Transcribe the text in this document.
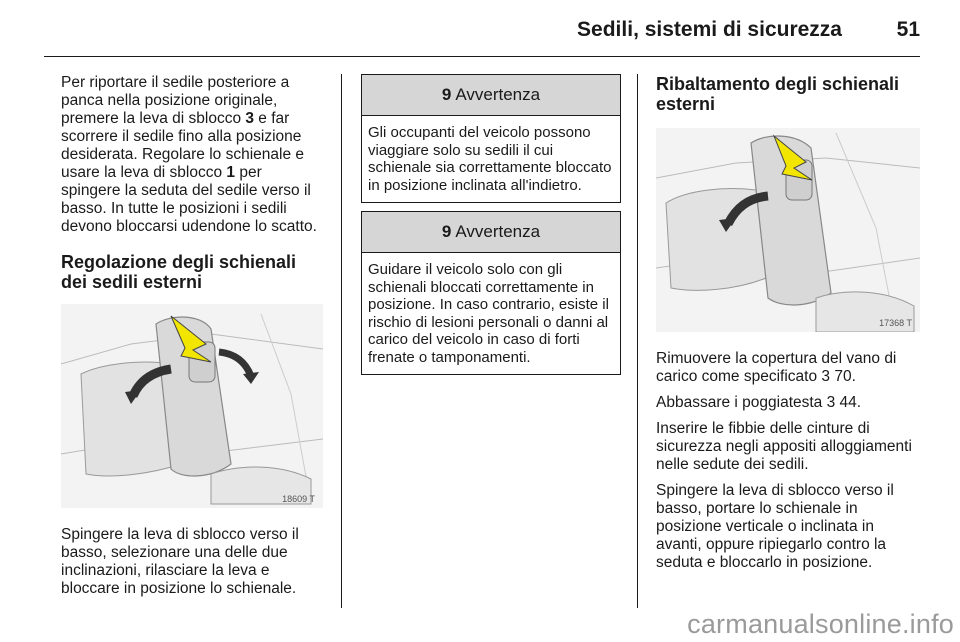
Sedili, sistemi di sicurezza	51

Per riportare il sedile posteriore a panca nella posizione originale, premere la leva di sblocco 3 e far scorrere il sedile fino alla posizione desiderata. Regolare lo schienale e usare la leva di sblocco 1 per spingere la seduta del sedile verso il basso. In tutte le posizioni i sedili devono bloccarsi udendone lo scatto.

Regolazione degli schienali dei sedili esterni
18609 T

Spingere la leva di sblocco verso il basso, selezionare una delle due inclinazioni, rilasciare la leva e bloccare in posizione lo schienale.

9 Avvertenza

Gli occupanti del veicolo possono viaggiare solo su sedili il cui schienale sia correttamente bloccato in posizione inclinata all'indietro.

9 Avvertenza

Guidare il veicolo solo con gli schienali bloccati correttamente in posizione. In caso contrario, esiste il rischio di lesioni personali o danni al carico del veicolo in caso di forti frenate o tamponamenti.

Ribaltamento degli schienali esterni
17368 T

Rimuovere la copertura del vano di carico come specificato 3 70.

Abbassare i poggiatesta 3 44.

Inserire le fibbie delle cinture di sicurezza negli appositi alloggiamenti nelle sedute dei sedili.

Spingere la leva di sblocco verso il basso, portare lo schienale in posizione verticale o inclinata in avanti, oppure ripiegarlo contro la seduta e bloccarlo in posizione.

carmanualsonline.info
